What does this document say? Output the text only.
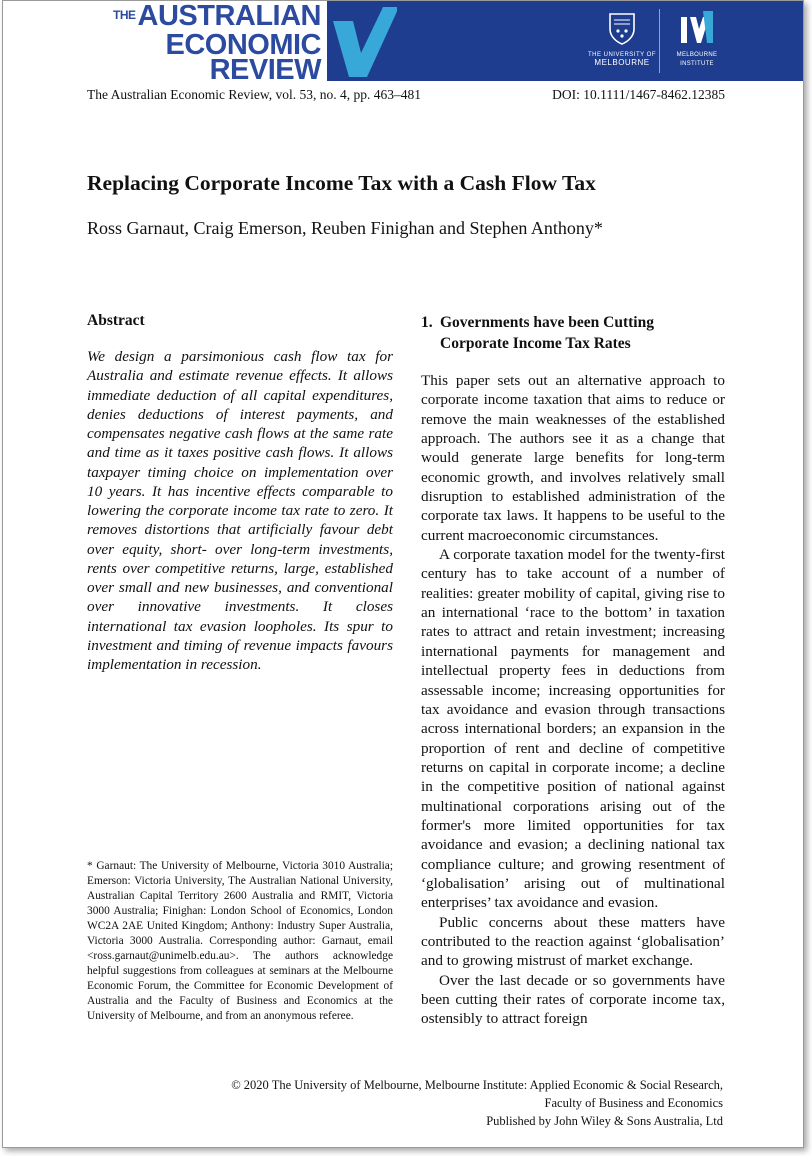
$^{THE}$AUSTRALIAN
ECONOMIC
REVIEW	THE UNIVERSITY OF
MELBOURNE
MELBOURNE
INSTITUTE
The Australian Economic Review, vol. 53, no. 4, pp. 463–481	DOI: 10.1111/1467-8462.12385
Replacing Corporate Income Tax with a Cash Flow Tax
Ross Garnaut, Craig Emerson, Reuben Finighan and Stephen Anthony*
Abstract

We design a parsimonious cash flow tax for Australia and estimate revenue effects. It allows immediate deduction of all capital expenditures, denies deductions of interest payments, and compensates negative cash flows at the same rate and time as it taxes positive cash flows. It allows taxpayer timing choice on implementation over 10 years. It has incentive effects comparable to lowering the corporate income tax rate to zero. It removes distortions that artificially favour debt over equity, short- over long-term investments, rents over competitive returns, large, established over small and new businesses, and conventional over innovative investments. It closes international tax evasion loopholes. Its spur to investment and timing of revenue impacts favours implementation in recession.

* Garnaut: The University of Melbourne, Victoria 3010 Australia; Emerson: Victoria University, The Australian National University, Australian Capital Territory 2600 Australia and RMIT, Victoria 3000 Australia; Finighan: London School of Economics, London WC2A 2AE United Kingdom; Anthony: Industry Super Australia, Victoria 3000 Australia. Corresponding author: Garnaut, email <ross.garnaut@unimelb.edu.au>. The authors acknowledge helpful suggestions from colleagues at seminars at the Melbourne Economic Forum, the Committee for Economic Development of Australia and the Faculty of Business and Economics at the University of Melbourne, and from an anonymous referee.

1. Governments have been Cutting Corporate Income Tax Rates

This paper sets out an alternative approach to corporate income taxation that aims to reduce or remove the main weaknesses of the established approach. The authors see it as a change that would generate large benefits for long-term economic growth, and involves relatively small disruption to established administration of the corporate tax laws. It happens to be useful to the current macroeconomic circumstances.

A corporate taxation model for the twenty-first century has to take account of a number of realities: greater mobility of capital, giving rise to an international ‘race to the bottom’ in taxation rates to attract and retain investment; increasing international payments for management and intellectual property fees in deductions from assessable income; increasing opportunities for tax avoidance and evasion through transactions across international borders; an expansion in the proportion of rent and decline of competitive returns on capital in corporate income; a decline in the competitive position of national against multinational corporations arising out of the former's more limited opportunities for tax avoidance and evasion; a declining national tax compliance culture; and growing resentment of ‘globalisation’ arising out of multinational enterprises’ tax avoidance and evasion.

Public concerns about these matters have contributed to the reaction against ‘globalisation’ and to growing mistrust of market exchange.

Over the last decade or so governments have been cutting their rates of corporate income tax, ostensibly to attract foreign

© 2020 The University of Melbourne, Melbourne Institute: Applied Economic & Social Research,
Faculty of Business and Economics
Published by John Wiley & Sons Australia, Ltd
